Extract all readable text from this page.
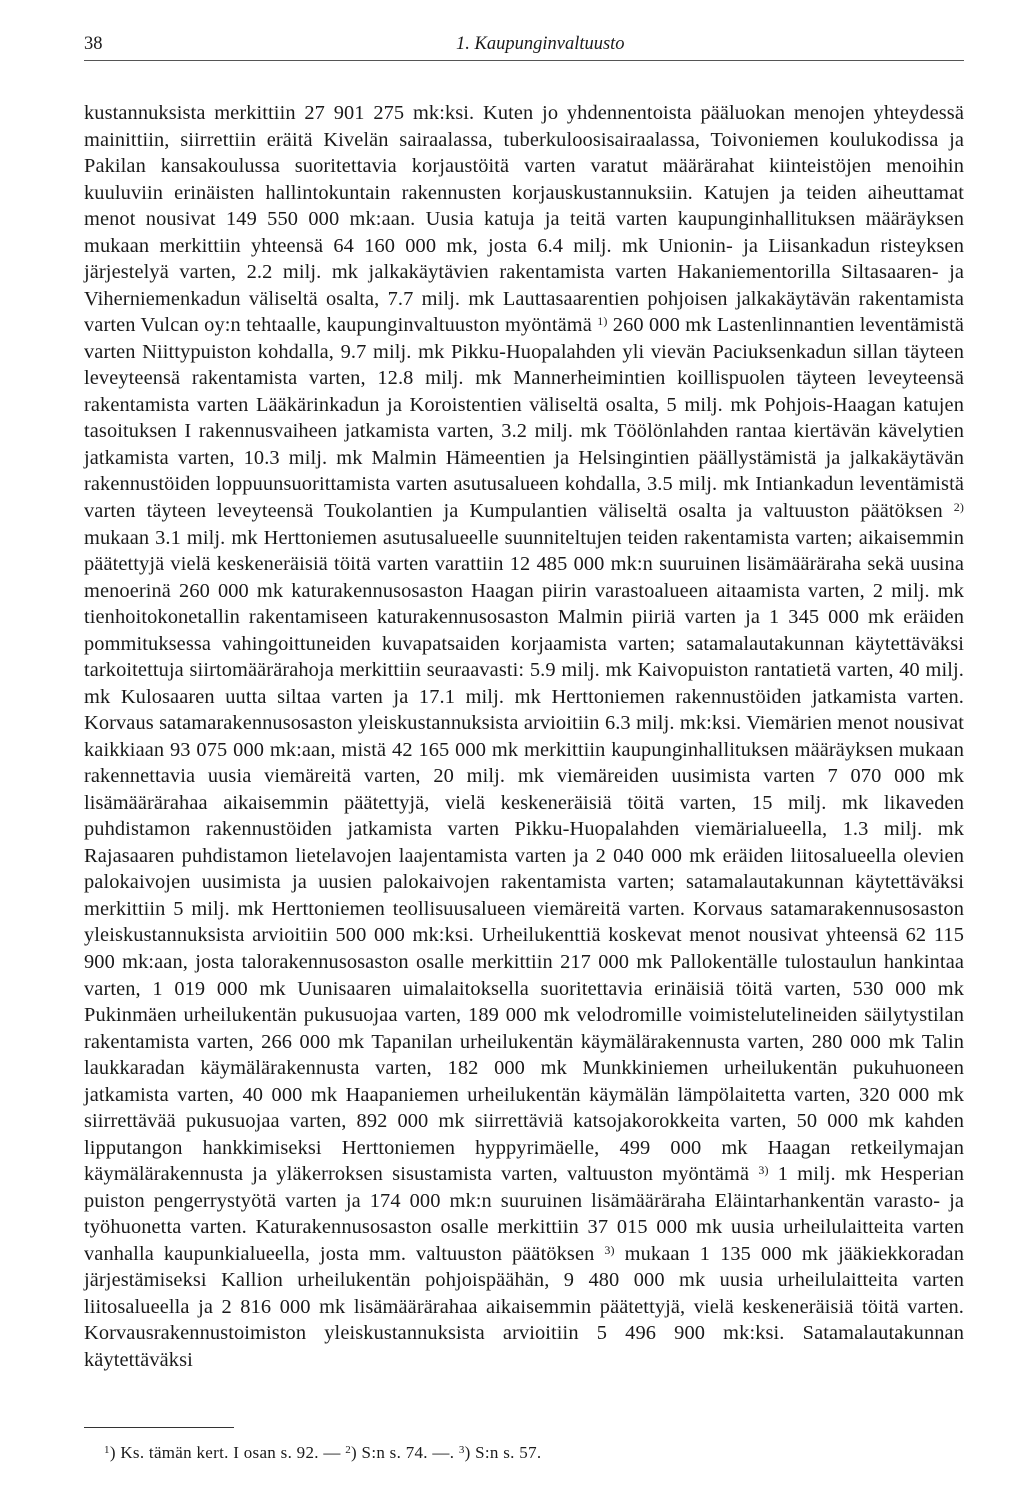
38	1. Kaupunginvaltuusto

kustannuksista merkittiin 27 901 275 mk:ksi. Kuten jo yhdennentoista pääluokan menojen yhteydessä mainittiin, siirrettiin eräitä Kivelän sairaalassa, tuberkuloosisairaalassa, Toivoniemen koulukodissa ja Pakilan kansakoulussa suoritettavia korjaustöitä varten varatut määrärahat kiinteistöjen menoihin kuuluviin erinäisten hallintokuntain rakennusten korjauskustannuksiin. Katujen ja teiden aiheuttamat menot nousivat 149 550 000 mk:aan. Uusia katuja ja teitä varten kaupunginhallituksen määräyksen mukaan merkittiin yhteensä 64 160 000 mk, josta 6.4 milj. mk Unionin- ja Liisankadun risteyksen järjestelyä varten, 2.2 milj. mk jalkakäytävien rakentamista varten Hakaniementorilla Siltasaaren- ja Viherniemenkadun väliseltä osalta, 7.7 milj. mk Lauttasaarentien pohjoisen jalkakäytävän rakentamista varten Vulcan oy:n tehtaalle, kaupunginvaltuuston myöntämä $^{1)}$ 260 000 mk Lastenlinnantien leventämistä varten Niittypuiston kohdalla, 9.7 milj. mk Pikku-Huopalahden yli vievän Paciuksenkadun sillan täyteen leveyteensä rakentamista varten, 12.8 milj. mk Mannerheimintien koillispuolen täyteen leveyteensä rakentamista varten Lääkärinkadun ja Koroistentien väliseltä osalta, 5 milj. mk Pohjois-Haagan katujen tasoituksen I rakennusvaiheen jatkamista varten, 3.2 milj. mk Töölönlahden rantaa kiertävän kävelytien jatkamista varten, 10.3 milj. mk Malmin Hämeentien ja Helsingintien päällystämistä ja jalkakäytävän rakennustöiden loppuunsuorittamista varten asutusalueen kohdalla, 3.5 milj. mk Intiankadun leventämistä varten täyteen leveyteensä Toukolantien ja Kumpulantien väliseltä osalta ja valtuuston päätöksen $^{2)}$ mukaan 3.1 milj. mk Herttoniemen asutusalueelle suunniteltujen teiden rakentamista varten; aikaisemmin päätettyjä vielä keskeneräisiä töitä varten varattiin 12 485 000 mk:n suuruinen lisämääräraha sekä uusina menoerinä 260 000 mk katurakennusosaston Haagan piirin varastoalueen aitaamista varten, 2 milj. mk tienhoitokonetallin rakentamiseen katurakennusosaston Malmin piiriä varten ja 1 345 000 mk eräiden pommituksessa vahingoittuneiden kuvapatsaiden korjaamista varten; satamalautakunnan käytettäväksi tarkoitettuja siirtomäärärahoja merkittiin seuraavasti: 5.9 milj. mk Kaivopuiston rantatietä varten, 40 milj. mk Kulosaaren uutta siltaa varten ja 17.1 milj. mk Herttoniemen rakennustöiden jatkamista varten. Korvaus satamarakennusosaston yleiskustannuksista arvioitiin 6.3 milj. mk:ksi. Viemärien menot nousivat kaikkiaan 93 075 000 mk:aan, mistä 42 165 000 mk merkittiin kaupunginhallituksen määräyksen mukaan rakennettavia uusia viemäreitä varten, 20 milj. mk viemäreiden uusimista varten 7 070 000 mk lisämäärärahaa aikaisemmin päätettyjä, vielä keskeneräisiä töitä varten, 15 milj. mk likaveden puhdistamon rakennustöiden jatkamista varten Pikku-Huopalahden viemärialueella, 1.3 milj. mk Rajasaaren puhdistamon lietelavojen laajentamista varten ja 2 040 000 mk eräiden liitosalueella olevien palokaivojen uusimista ja uusien palokaivojen rakentamista varten; satamalautakunnan käytettäväksi merkittiin 5 milj. mk Herttoniemen teollisuusalueen viemäreitä varten. Korvaus satamarakennusosaston yleiskustannuksista arvioitiin 500 000 mk:ksi. Urheilukenttiä koskevat menot nousivat yhteensä 62 115 900 mk:aan, josta talorakennusosaston osalle merkittiin 217 000 mk Pallokentälle tulostaulun hankintaa varten, 1 019 000 mk Uunisaaren uimalaitoksella suoritettavia erinäisiä töitä varten, 530 000 mk Pukinmäen urheilukentän pukusuojaa varten, 189 000 mk velodromille voimistelutelineiden säilytystilan rakentamista varten, 266 000 mk Tapanilan urheilukentän käymälärakennusta varten, 280 000 mk Talin laukkaradan käymälärakennusta varten, 182 000 mk Munkkiniemen urheilukentän pukuhuoneen jatkamista varten, 40 000 mk Haapaniemen urheilukentän käymälän lämpölaitetta varten, 320 000 mk siirrettävää pukusuojaa varten, 892 000 mk siirrettäviä katsojakorokkeita varten, 50 000 mk kahden lipputangon hankkimiseksi Herttoniemen hyppyrimäelle, 499 000 mk Haagan retkeilymajan käymälärakennusta ja yläkerroksen sisustamista varten, valtuuston myöntämä $^{3)}$ 1 milj. mk Hesperian puiston pengerrystyötä varten ja 174 000 mk:n suuruinen lisämääräraha Eläintarhankentän varasto- ja työhuonetta varten. Katurakennusosaston osalle merkittiin 37 015 000 mk uusia urheilulaitteita varten vanhalla kaupunkialueella, josta mm. valtuuston päätöksen $^{3)}$ mukaan 1 135 000 mk jääkiekkoradan järjestämiseksi Kallion urheilukentän pohjoispäähän, 9 480 000 mk uusia urheilulaitteita varten liitosalueella ja 2 816 000 mk lisämäärärahaa aikaisemmin päätettyjä, vielä keskeneräisiä töitä varten. Korvausrakennustoimiston yleiskustannuksista arvioitiin 5 496 900 mk:ksi. Satamalautakunnan käytettäväksi

$^1$) Ks. tämän kert. I osan s. 92. — $^2$) S:n s. 74. —. $^3$) S:n s. 57.
